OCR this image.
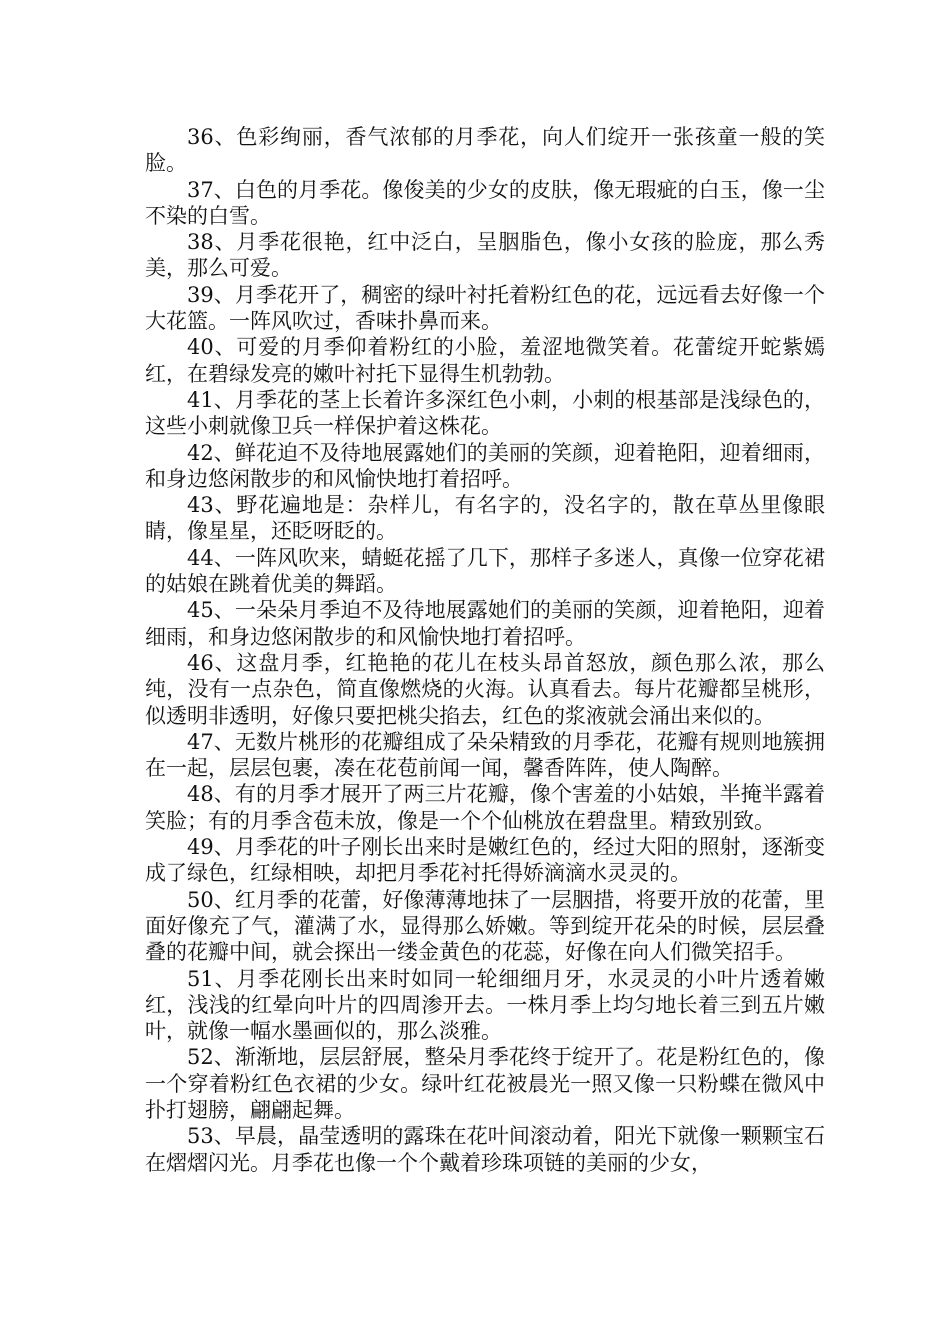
36、色彩绚丽，香气浓郁的月季花，向人们绽开一张孩童一般的笑脸。

37、白色的月季花。像俊美的少女的皮肤，像无瑕疵的白玉，像一尘不染的白雪。

38、月季花很艳，红中泛白，呈胭脂色，像小女孩的脸庞，那么秀美，那么可爱。

39、月季花开了，稠密的绿叶衬托着粉红色的花，远远看去好像一个大花篮。一阵风吹过，香味扑鼻而来。

40、可爱的月季仰着粉红的小脸，羞涩地微笑着。花蕾绽开蛇紫嫣红，在碧绿发亮的嫩叶衬托下显得生机勃勃。

41、月季花的茎上长着许多深红色小刺，小刺的根基部是浅绿色的，这些小刺就像卫兵一样保护着这株花。

42、鲜花迫不及待地展露她们的美丽的笑颜，迎着艳阳，迎着细雨，和身边悠闲散步的和风愉快地打着招呼。

43、野花遍地是：杂样儿，有名字的，没名字的，散在草丛里像眼睛，像星星，还眨呀眨的。

44、一阵风吹来，蜻蜓花摇了几下，那样子多迷人，真像一位穿花裙的姑娘在跳着优美的舞蹈。

45、一朵朵月季迫不及待地展露她们的美丽的笑颜，迎着艳阳，迎着细雨，和身边悠闲散步的和风愉快地打着招呼。

46、这盘月季，红艳艳的花儿在枝头昂首怒放，颜色那么浓，那么纯，没有一点杂色，简直像燃烧的火海。认真看去。每片花瓣都呈桃形，似透明非透明，好像只要把桃尖掐去，红色的浆液就会涌出来似的。

47、无数片桃形的花瓣组成了朵朵精致的月季花，花瓣有规则地簇拥在一起，层层包裹，凑在花苞前闻一闻，馨香阵阵，使人陶醉。

48、有的月季才展开了两三片花瓣，像个害羞的小姑娘，半掩半露着笑脸；有的月季含苞未放，像是一个个仙桃放在碧盘里。精致别致。

49、月季花的叶子刚长出来时是嫩红色的，经过大阳的照射，逐渐变成了绿色，红绿相映，却把月季花衬托得娇滴滴水灵灵的。

50、红月季的花蕾，好像薄薄地抹了一层胭措，将要开放的花蕾，里面好像充了气，灌满了水，显得那么娇嫩。等到绽开花朵的时候，层层叠叠的花瓣中间，就会探出一缕金黄色的花蕊，好像在向人们微笑招手。

51、月季花刚长出来时如同一轮细细月牙，水灵灵的小叶片透着嫩红，浅浅的红晕向叶片的四周渗开去。一株月季上均匀地长着三到五片嫩叶，就像一幅水墨画似的，那么淡雅。

52、渐渐地，层层舒展，整朵月季花终于绽开了。花是粉红色的，像一个穿着粉红色衣裙的少女。绿叶红花被晨光一照又像一只粉蝶在微风中扑打翅膀，翩翩起舞。

53、早晨，晶莹透明的露珠在花叶间滚动着，阳光下就像一颗颗宝石在熠熠闪光。月季花也像一个个戴着珍珠项链的美丽的少女，
